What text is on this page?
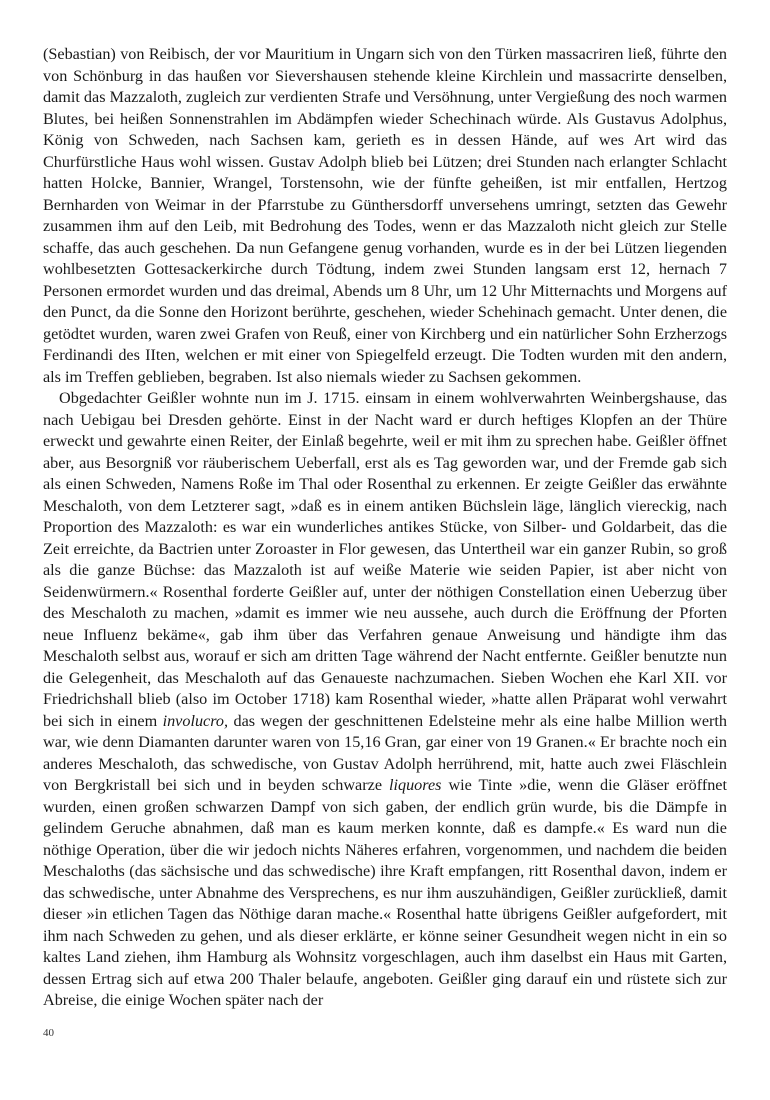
(Sebastian) von Reibisch, der vor Mauritium in Ungarn sich von den Türken massacriren ließ, führte den von Schönburg in das haußen vor Sievershausen stehende kleine Kirchlein und massacrirte denselben, damit das Mazzaloth, zugleich zur verdienten Strafe und Versöhnung, unter Vergießung des noch warmen Blutes, bei heißen Sonnenstrahlen im Abdämpfen wieder Schechinach würde. Als Gustavus Adolphus, König von Schweden, nach Sachsen kam, gerieth es in dessen Hände, auf wes Art wird das Churfürstliche Haus wohl wissen. Gustav Adolph blieb bei Lützen; drei Stunden nach erlangter Schlacht hatten Holcke, Bannier, Wrangel, Torstensohn, wie der fünfte geheißen, ist mir entfallen, Hertzog Bernharden von Weimar in der Pfarrstube zu Günthersdorff unversehens umringt, setzten das Gewehr zusammen ihm auf den Leib, mit Bedrohung des Todes, wenn er das Mazzaloth nicht gleich zur Stelle schaffe, das auch geschehen. Da nun Gefangene genug vorhanden, wurde es in der bei Lützen liegenden wohlbesetzten Gottesackerkirche durch Tödtung, indem zwei Stunden langsam erst 12, hernach 7 Personen ermordet wurden und das dreimal, Abends um 8 Uhr, um 12 Uhr Mitternachts und Morgens auf den Punct, da die Sonne den Horizont berührte, geschehen, wieder Schehinach gemacht. Unter denen, die getödtet wurden, waren zwei Grafen von Reuß, einer von Kirchberg und ein natürlicher Sohn Erzherzogs Ferdinandi des IIten, welchen er mit einer von Spiegelfeld erzeugt. Die Todten wurden mit den andern, als im Treffen geblieben, begraben. Ist also niemals wieder zu Sachsen gekommen.

Obgedachter Geißler wohnte nun im J. 1715. einsam in einem wohlverwahrten Weinbergshause, das nach Uebigau bei Dresden gehörte. Einst in der Nacht ward er durch heftiges Klopfen an der Thüre erweckt und gewahrte einen Reiter, der Einlaß begehrte, weil er mit ihm zu sprechen habe. Geißler öffnet aber, aus Besorgniß vor räuberischem Ueberfall, erst als es Tag geworden war, und der Fremde gab sich als einen Schweden, Namens Roße im Thal oder Rosenthal zu erkennen. Er zeigte Geißler das erwähnte Meschaloth, von dem Letzterer sagt, »daß es in einem antiken Büchslein läge, länglich viereckig, nach Proportion des Mazzaloth: es war ein wunderliches antikes Stücke, von Silber- und Goldarbeit, das die Zeit erreichte, da Bactrien unter Zoroaster in Flor gewesen, das Untertheil war ein ganzer Rubin, so groß als die ganze Büchse: das Mazzaloth ist auf weiße Materie wie seiden Papier, ist aber nicht von Seidenwürmern.« Rosenthal forderte Geißler auf, unter der nöthigen Constellation einen Ueberzug über des Meschaloth zu machen, »damit es immer wie neu aussehe, auch durch die Eröffnung der Pforten neue Influenz bekäme«, gab ihm über das Verfahren genaue Anweisung und händigte ihm das Meschaloth selbst aus, worauf er sich am dritten Tage während der Nacht entfernte. Geißler benutzte nun die Gelegenheit, das Meschaloth auf das Genaueste nachzumachen. Sieben Wochen ehe Karl XII. vor Friedrichshall blieb (also im October 1718) kam Rosenthal wieder, »hatte allen Präparat wohl verwahrt bei sich in einem involucro, das wegen der geschnittenen Edelsteine mehr als eine halbe Million werth war, wie denn Diamanten darunter waren von 15,16 Gran, gar einer von 19 Granen.« Er brachte noch ein anderes Meschaloth, das schwedische, von Gustav Adolph herrührend, mit, hatte auch zwei Fläschlein von Bergkristall bei sich und in beyden schwarze liquores wie Tinte »die, wenn die Gläser eröffnet wurden, einen großen schwarzen Dampf von sich gaben, der endlich grün wurde, bis die Dämpfe in gelindem Geruche abnahmen, daß man es kaum merken konnte, daß es dampfe.« Es ward nun die nöthige Operation, über die wir jedoch nichts Näheres erfahren, vorgenommen, und nachdem die beiden Meschaloths (das sächsische und das schwedische) ihre Kraft empfangen, ritt Rosenthal davon, indem er das schwedische, unter Abnahme des Versprechens, es nur ihm auszuhändigen, Geißler zurückließ, damit dieser »in etlichen Tagen das Nöthige daran mache.« Rosenthal hatte übrigens Geißler aufgefordert, mit ihm nach Schweden zu gehen, und als dieser erklärte, er könne seiner Gesundheit wegen nicht in ein so kaltes Land ziehen, ihm Hamburg als Wohnsitz vorgeschlagen, auch ihm daselbst ein Haus mit Garten, dessen Ertrag sich auf etwa 200 Thaler belaufe, angeboten. Geißler ging darauf ein und rüstete sich zur Abreise, die einige Wochen später nach der

40
